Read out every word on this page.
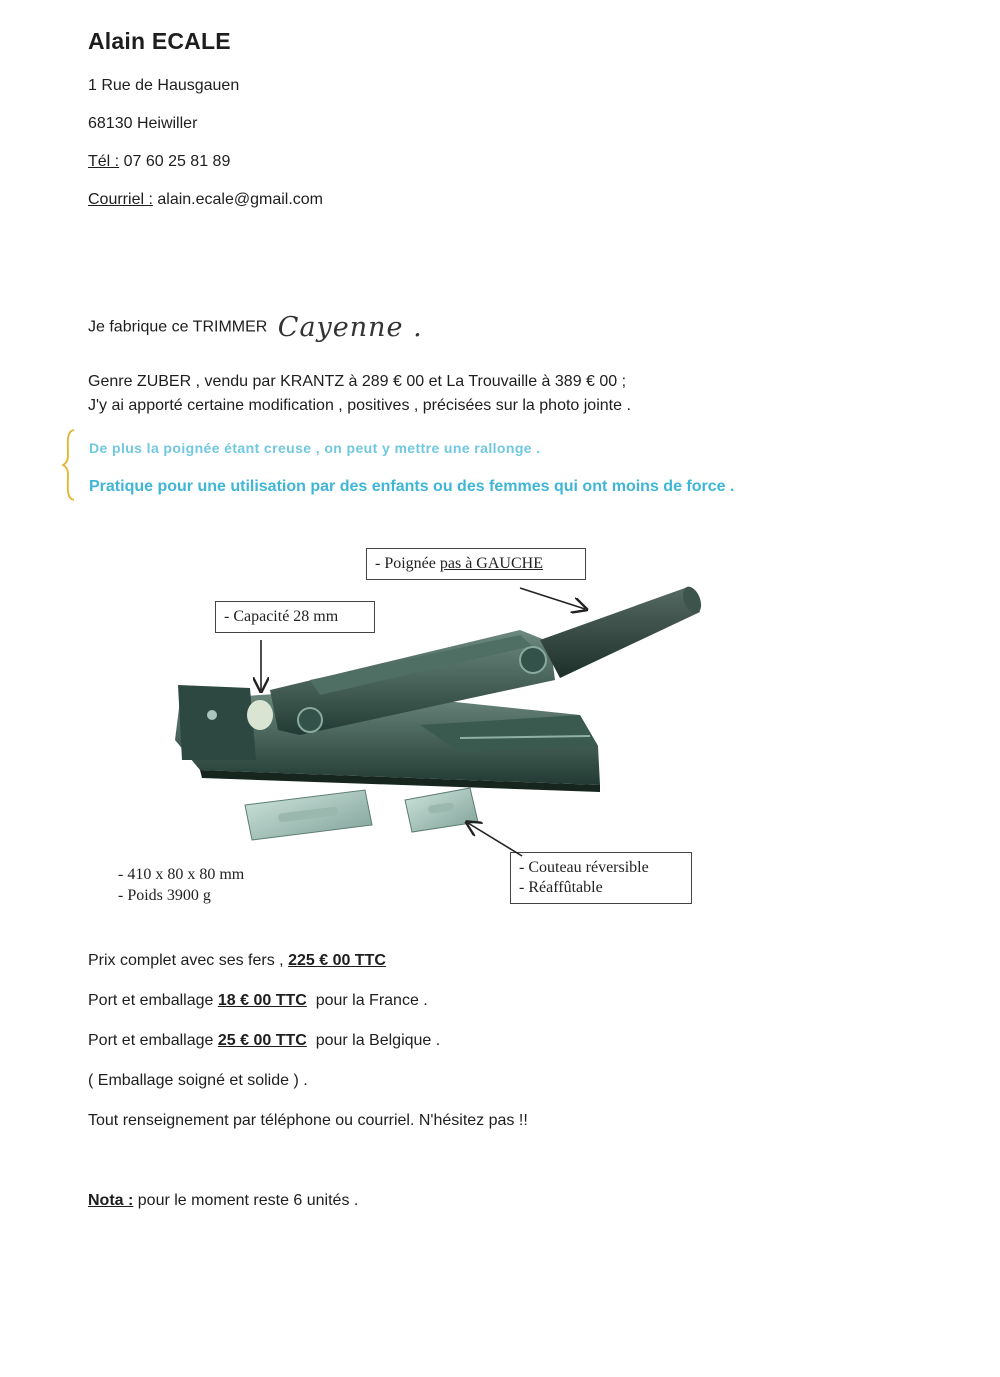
Alain ECALE
1 Rue de Hausgauen
68130 Heiwiller
Tél : 07 60 25 81 89
Courriel : alain.ecale@gmail.com
Je fabrique ce TRIMMER Cayenne .
Genre ZUBER , vendu par KRANTZ à 289 € 00 et La Trouvaille à 389 € 00 ;
J'y ai apporté certaine modification , positives , précisées sur la photo jointe .
De plus la poignée étant creuse , on peut y mettre une rallonge .
Pratique pour une utilisation par des enfants ou des femmes qui ont moins de force .
- Poignée pas à GAUCHE
- Capacité 28 mm
- Couteau réversible
- Réaffûtable
- 410 x 80 x 80 mm
- Poids 3900 g
Prix complet avec ses fers , 225 € 00 TTC
Port et emballage 18 € 00 TTC pour la France .
Port et emballage 25 € 00 TTC pour la Belgique .
( Emballage soigné et solide ) .
Tout renseignement par téléphone ou courriel. N'hésitez pas !!
Nota : pour le moment reste 6 unités .
